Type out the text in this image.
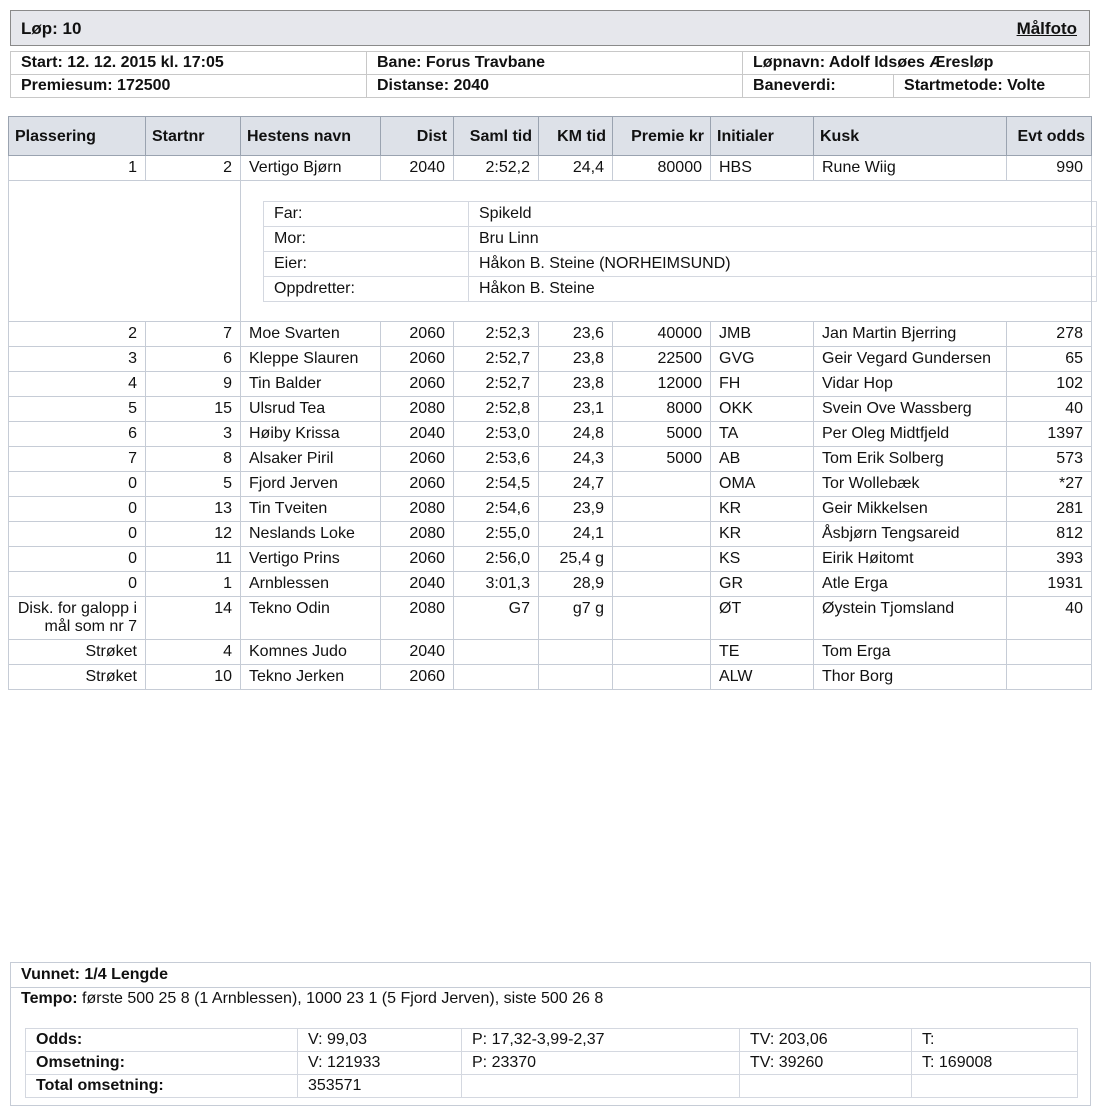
Løp: 10	Målfoto
Start: 12. 12. 2015 kl. 17:05	Bane: Forus Travbane	Løpnavn: Adolf Idsøes Æresløp	
Premiesum: 172500	Distanse: 2040	Baneverdi:	Startmetode: Volte
Plassering	Startnr	Hestens navn	Dist	Saml tid	KM tid	Premie kr	Initialer	Kusk	Evt odds
1	2	Vertigo Bjørn	2040	2:52,2	24,4	80000	HBS	Rune Wiig	990

Far:	Spikeld
Mor:	Bru Linn
Eier:	Håkon B. Steine (NORHEIMSUND)
Oppdretter:	Håkon B. Steine

2	7	Moe Svarten	2060	2:52,3	23,6	40000	JMB	Jan Martin Bjerring	278
3	6	Kleppe Slauren	2060	2:52,7	23,8	22500	GVG	Geir Vegard Gundersen	65
4	9	Tin Balder	2060	2:52,7	23,8	12000	FH	Vidar Hop	102
5	15	Ulsrud Tea	2080	2:52,8	23,1	8000	OKK	Svein Ove Wassberg	40
6	3	Høiby Krissa	2040	2:53,0	24,8	5000	TA	Per Oleg Midtfjeld	1397
7	8	Alsaker Piril	2060	2:53,6	24,3	5000	AB	Tom Erik Solberg	573
0	5	Fjord Jerven	2060	2:54,5	24,7		OMA	Tor Wollebæk	*27
0	13	Tin Tveiten	2080	2:54,6	23,9		KR	Geir Mikkelsen	281
0	12	Neslands Loke	2080	2:55,0	24,1		KR	Åsbjørn Tengsareid	812
0	11	Vertigo Prins	2060	2:56,0	25,4 g		KS	Eirik Høitomt	393
0	1	Arnblessen	2040	3:01,3	28,9		GR	Atle Erga	1931
Disk. for galopp i mål som nr 7	14	Tekno Odin	2080	G7	g7 g		ØT	Øystein Tjomsland	40
Strøket	4	Komnes Judo	2040				TE	Tom Erga	
Strøket	10	Tekno Jerken	2060				ALW	Thor Borg	
Vunnet: 1/4 Lengde
Tempo: første 500 25 8 (1 Arnblessen), 1000 23 1 (5 Fjord Jerven), siste 500 26 8
Odds:	V: 99,03	P: 17,32-3,99-2,37	TV: 203,06	T:
Omsetning:	V: 121933	P: 23370	TV: 39260	T: 169008
Total omsetning:	353571			
